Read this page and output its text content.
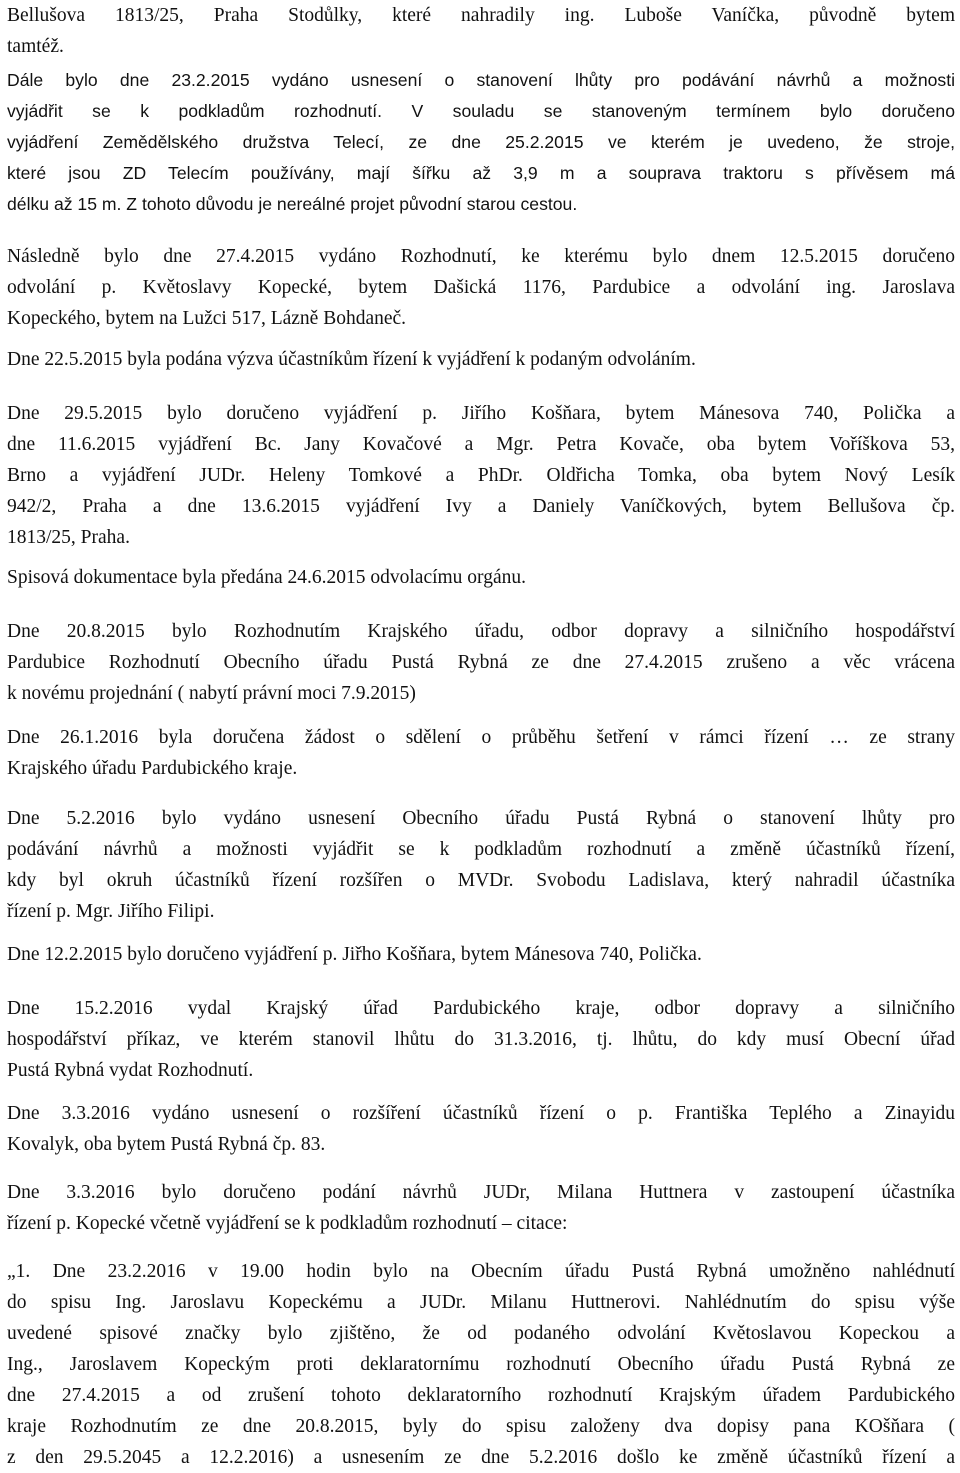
Bellušova 1813/25, Praha Stodůlky, které nahradily ing. Luboše Vaníčka, původně bytem
tamtéž.
Dále bylo dne 23.2.2015 vydáno usnesení o stanovení lhůty pro podávání návrhů a možnosti
vyjádřit se k podkladům rozhodnutí. V souladu se stanoveným termínem bylo doručeno
vyjádření Zemědělského družstva Telecí, ze dne 25.2.2015 ve kterém je uvedeno, že stroje,
které jsou ZD Telecím používány, mají šířku až 3,9 m a souprava traktoru s přívěsem má
délku až 15 m. Z tohoto důvodu je nereálné projet původní starou cestou.
Následně bylo dne 27.4.2015 vydáno Rozhodnutí, ke kterému bylo dnem 12.5.2015 doručeno
odvolání p. Květoslavy Kopecké, bytem Dašická 1176, Pardubice a odvolání ing. Jaroslava
Kopeckého, bytem na Lužci 517, Lázně Bohdaneč.
Dne 22.5.2015 byla podána výzva účastníkům řízení k vyjádření k podaným odvoláním.
Dne 29.5.2015 bylo doručeno vyjádření p. Jiřího Košňara, bytem Mánesova 740, Polička a
dne 11.6.2015 vyjádření Bc. Jany Kovačové a Mgr. Petra Kovače, oba bytem Voříškova 53,
Brno a vyjádření JUDr. Heleny Tomkové a PhDr. Oldřicha Tomka, oba bytem Nový Lesík
942/2, Praha a dne 13.6.2015 vyjádření Ivy a Daniely Vaníčkových, bytem Bellušova čp.
1813/25, Praha.
Spisová dokumentace byla předána 24.6.2015 odvolacímu orgánu.
Dne 20.8.2015 bylo Rozhodnutím Krajského úřadu, odbor dopravy a silničního hospodářství
Pardubice Rozhodnutí Obecního úřadu Pustá Rybná ze dne 27.4.2015 zrušeno a věc vrácena
k novému projednání ( nabytí právní moci 7.9.2015)
Dne 26.1.2016 byla doručena žádost o sdělení o průběhu šetření v rámci řízení … ze strany
Krajského úřadu Pardubického kraje.
Dne 5.2.2016 bylo vydáno usnesení Obecního úřadu Pustá Rybná o stanovení lhůty pro
podávání návrhů a možnosti vyjádřit se k podkladům rozhodnutí a změně účastníků řízení,
kdy byl okruh účastníků řízení rozšířen o MVDr. Svobodu Ladislava, který nahradil účastníka
řízení p. Mgr. Jiřího Filipi.
Dne 12.2.2015 bylo doručeno vyjádření p. Jiřho Košňara, bytem Mánesova 740, Polička.
Dne 15.2.2016 vydal Krajský úřad Pardubického kraje, odbor dopravy a silničního
hospodářství příkaz, ve kterém stanovil lhůtu do 31.3.2016, tj. lhůtu, do kdy musí Obecní úřad
Pustá Rybná vydat Rozhodnutí.
Dne 3.3.2016 vydáno usnesení o rozšíření účastníků řízení o p. Františka Teplého a Zinayidu
Kovalyk, oba bytem Pustá Rybná čp. 83.
Dne 3.3.2016 bylo doručeno podání návrhů JUDr, Milana Huttnera v zastoupení účastníka
řízení p. Kopecké včetně vyjádření se k podkladům rozhodnutí – citace:
„1. Dne 23.2.2016 v 19.00 hodin bylo na Obecním úřadu Pustá Rybná umožněno nahlédnutí
do spisu Ing. Jaroslavu Kopeckému a JUDr. Milanu Huttnerovi. Nahlédnutím do spisu výše
uvedené spisové značky bylo zjištěno, že od podaného odvolání Květoslavou Kopeckou a
Ing., Jaroslavem Kopeckým proti deklaratornímu rozhodnutí Obecního úřadu Pustá Rybná ze
dne 27.4.2015 a od zrušení tohoto deklaratorního rozhodnutí Krajským úřadem Pardubického
kraje Rozhodnutím ze dne 20.8.2015, byly do spisu založeny dva dopisy pana KOšňara (
z den 29.5.2045 a 12.2.2016) a usnesením ze dne 5.2.2016 došlo ke změně účastníků řízení a
